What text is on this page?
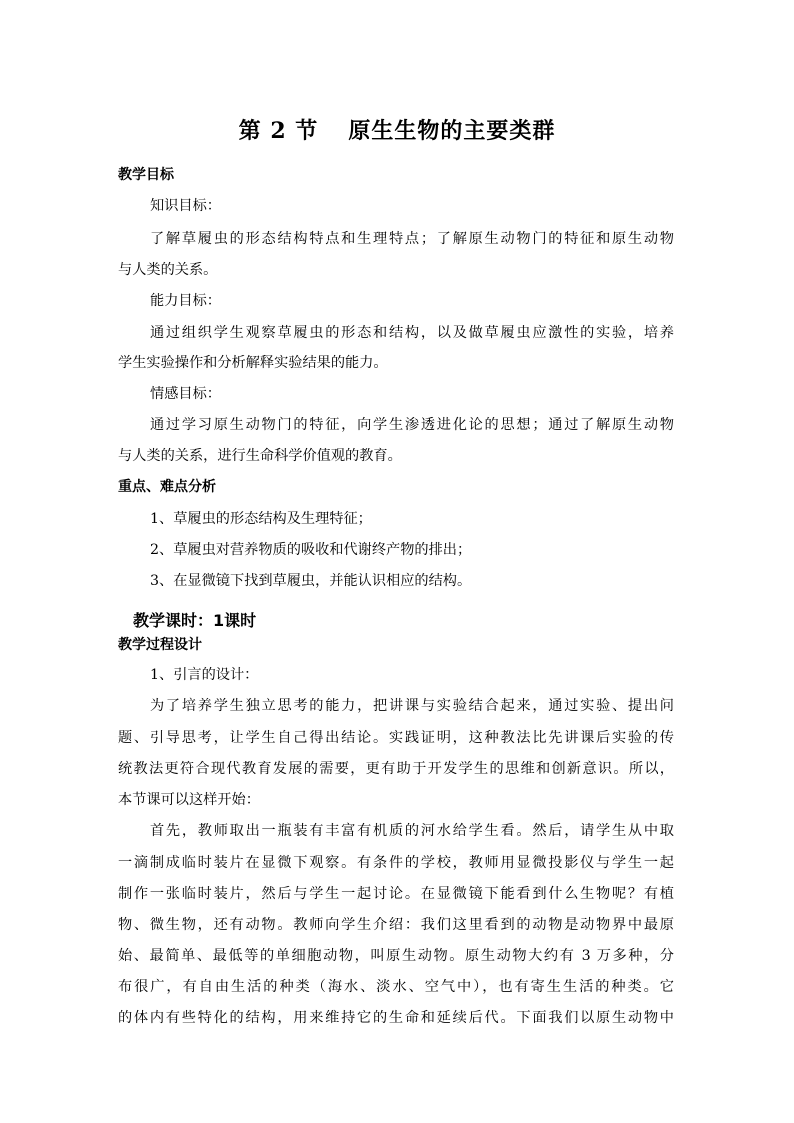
第 2 节 原生生物的主要类群
教学目标
知识目标：
了解草履虫的形态结构特点和生理特点；了解原生动物门的特征和原生动物
与人类的关系。
能力目标：
通过组织学生观察草履虫的形态和结构，以及做草履虫应激性的实验，培养
学生实验操作和分析解释实验结果的能力。
情感目标：
通过学习原生动物门的特征，向学生渗透进化论的思想；通过了解原生动物
与人类的关系，进行生命科学价值观的教育。
重点、难点分析
1、草履虫的形态结构及生理特征；
2、草履虫对营养物质的吸收和代谢终产物的排出；
3、在显微镜下找到草履虫，并能认识相应的结构。
教学课时：1课时
教学过程设计
1、引言的设计：
为了培养学生独立思考的能力，把讲课与实验结合起来，通过实验、提出问
题、引导思考，让学生自己得出结论。实践证明，这种教法比先讲课后实验的传
统教法更符合现代教育发展的需要，更有助于开发学生的思维和创新意识。所以，
本节课可以这样开始：
首先，教师取出一瓶装有丰富有机质的河水给学生看。然后，请学生从中取
一滴制成临时装片在显微下观察。有条件的学校，教师用显微投影仪与学生一起
制作一张临时装片，然后与学生一起讨论。在显微镜下能看到什么生物呢？有植
物、微生物，还有动物。教师向学生介绍：我们这里看到的动物是动物界中最原
始、最简单、最低等的单细胞动物，叫原生动物。原生动物大约有 3 万多种，分
布很广，有自由生活的种类（海水、淡水、空气中），也有寄生生活的种类。它
的体内有些特化的结构，用来维持它的生命和延续后代。下面我们以原生动物中
